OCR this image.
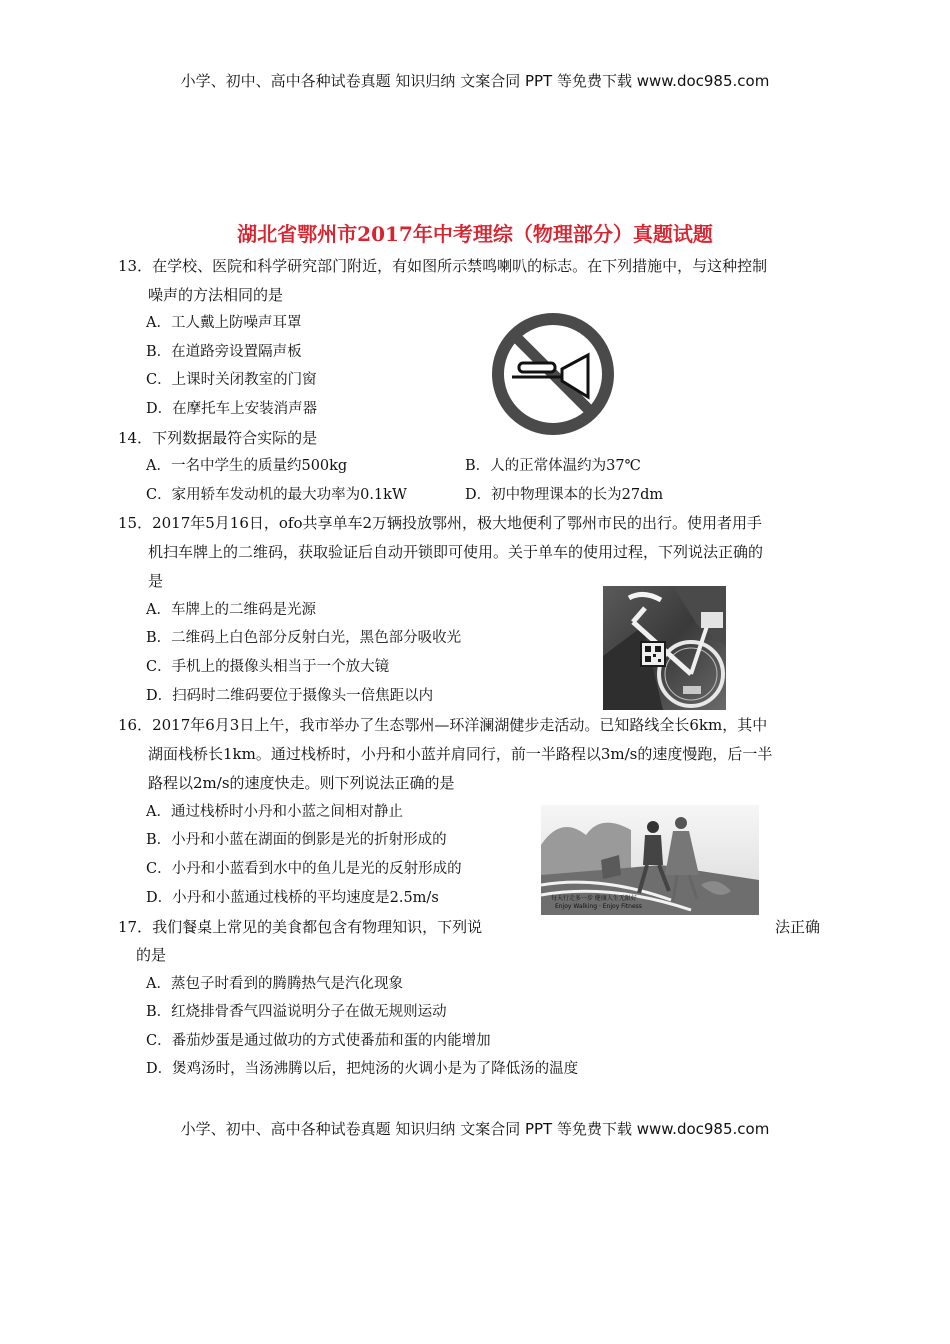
小学、初中、高中各种试卷真题 知识归纳 文案合同 PPT 等免费下载 www.doc985.com
湖北省鄂州市2017年中考理综（物理部分）真题试题
13．在学校、医院和科学研究部门附近，有如图所示禁鸣喇叭的标志。在下列措施中，与这种控制
噪声的方法相同的是
A．工人戴上防噪声耳罩
B．在道路旁设置隔声板
C．上课时关闭教室的门窗
D．在摩托车上安装消声器
14．下列数据最符合实际的是
A．一名中学生的质量约500kg	B．人的正常体温约为37℃
C．家用轿车发动机的最大功率为0.1kW	D．初中物理课本的长为27dm
15．2017年5月16日，ofo共享单车2万辆投放鄂州，极大地便利了鄂州市民的出行。使用者用手
机扫车牌上的二维码，获取验证后自动开锁即可使用。关于单车的使用过程，下列说法正确的
是
A．车牌上的二维码是光源
B．二维码上白色部分反射白光，黑色部分吸收光
C．手机上的摄像头相当于一个放大镜
D．扫码时二维码要位于摄像头一倍焦距以内
16．2017年6月3日上午，我市举办了生态鄂州—环洋澜湖健步走活动。已知路线全长6km，其中
湖面栈桥长1km。通过栈桥时，小丹和小蓝并肩同行，前一半路程以3m/s的速度慢跑，后一半
路程以2m/s的速度快走。则下列说法正确的是
A．通过栈桥时小丹和小蓝之间相对静止
B．小丹和小蓝在湖面的倒影是光的折射形成的
C．小丹和小蓝看到水中的鱼儿是光的反射形成的
D．小丹和小蓝通过栈桥的平均速度是2.5m/s	每天行走多一步 健康人生无限好
Enjoy Walking · Enjoy Fitness
17．我们餐桌上常见的美食都包含有物理知识，下列说	法正确
的是
A．蒸包子时看到的腾腾热气是汽化现象
B．红烧排骨香气四溢说明分子在做无规则运动
C．番茄炒蛋是通过做功的方式使番茄和蛋的内能增加
D．煲鸡汤时，当汤沸腾以后，把炖汤的火调小是为了降低汤的温度
小学、初中、高中各种试卷真题 知识归纳 文案合同 PPT 等免费下载 www.doc985.com
